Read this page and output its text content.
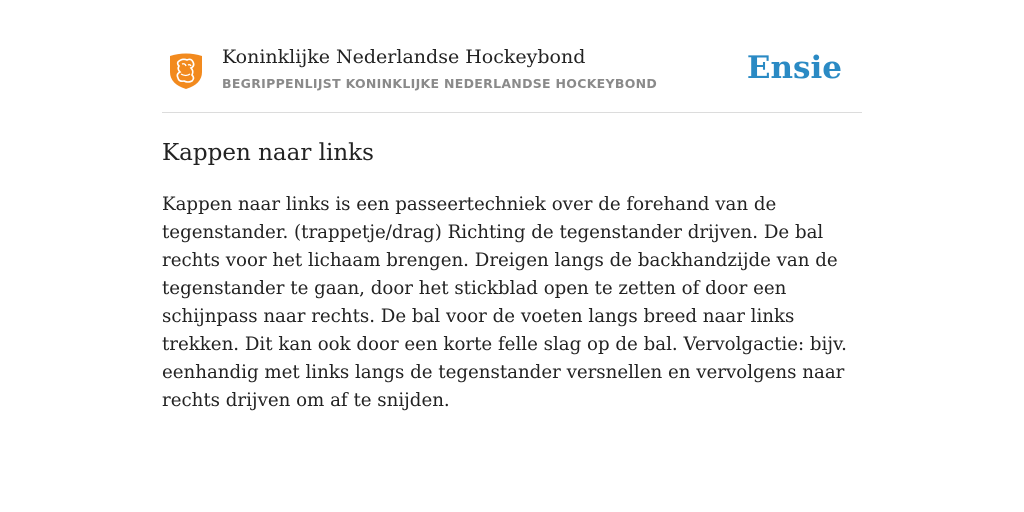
Koninklijke Nederlandse Hockeybond
BEGRIPPENLIJST KONINKLIJKE NEDERLANDSE HOCKEYBOND	Ensie
Kappen naar links

Kappen naar links is een passeertechniek over de forehand van de tegenstander. (trappetje/drag) Richting de tegenstander drijven. De bal rechts voor het lichaam brengen. Dreigen langs de backhandzijde van de tegenstander te gaan, door het stickblad open te zetten of door een schijnpass naar rechts. De bal voor de voeten langs breed naar links trekken. Dit kan ook door een korte felle slag op de bal. Vervolgactie: bijv. eenhandig met links langs de tegenstander versnellen en vervolgens naar rechts drijven om af te snijden.
